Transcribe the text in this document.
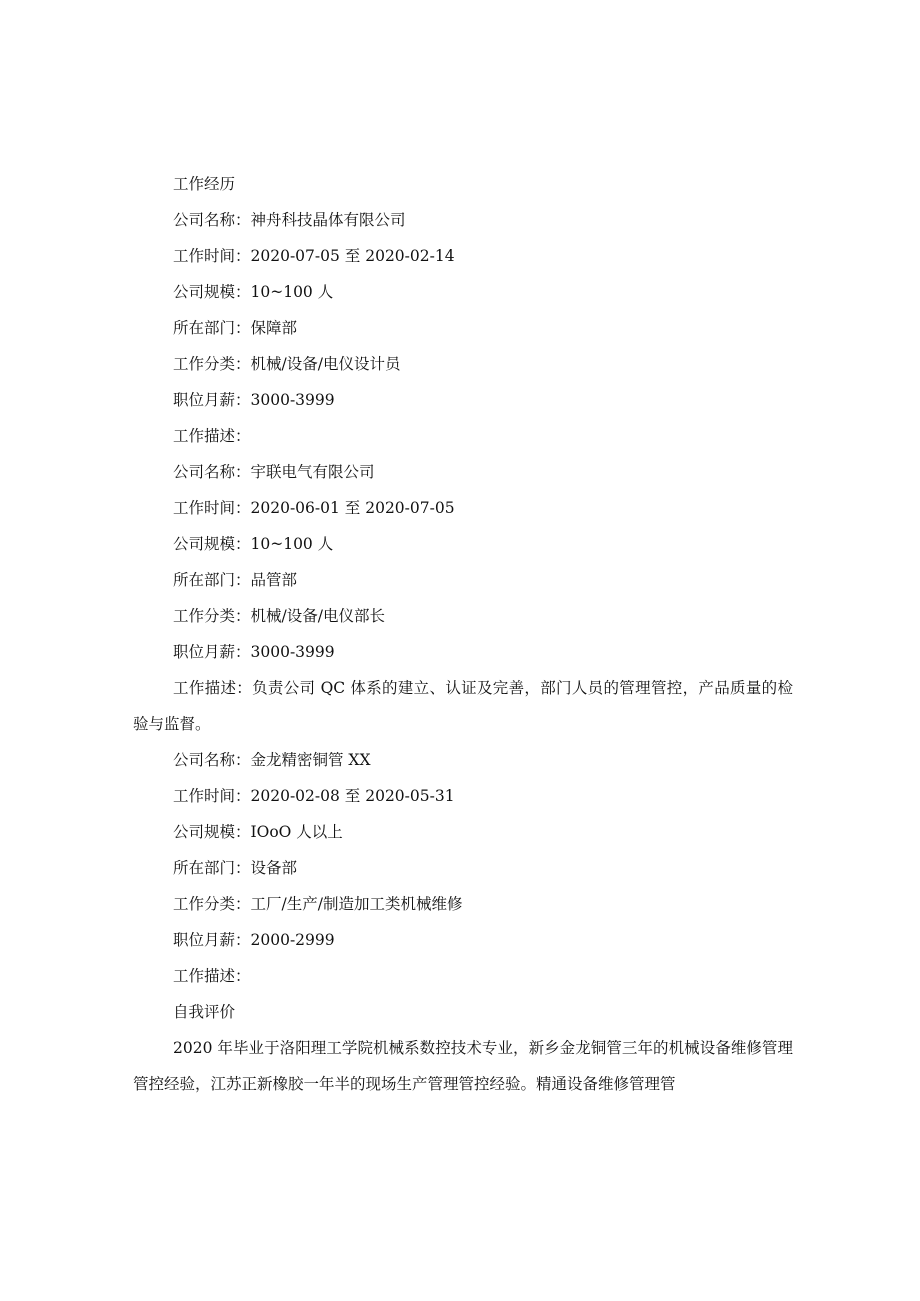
工作经历
公司名称：神舟科技晶体有限公司
工作时间：2020-07-05 至 2020-02-14
公司规模：10~100 人
所在部门：保障部
工作分类：机械/设备/电仪设计员
职位月薪：3000-3999
工作描述：
公司名称：宇联电气有限公司
工作时间：2020-06-01 至 2020-07-05
公司规模：10~100 人
所在部门：品管部
工作分类：机械/设备/电仪部长
职位月薪：3000-3999
工作描述：负责公司 QC 体系的建立、认证及完善，部门人员的管理管控，产品质量的检验与监督。
公司名称：金龙精密铜管 XX
工作时间：2020-02-08 至 2020-05-31
公司规模：IOoO 人以上
所在部门：设备部
工作分类：工厂/生产/制造加工类机械维修
职位月薪：2000-2999
工作描述：
自我评价
2020 年毕业于洛阳理工学院机械系数控技术专业，新乡金龙铜管三年的机械设备维修管理管控经验，江苏正新橡胶一年半的现场生产管理管控经验。精通设备维修管理管
